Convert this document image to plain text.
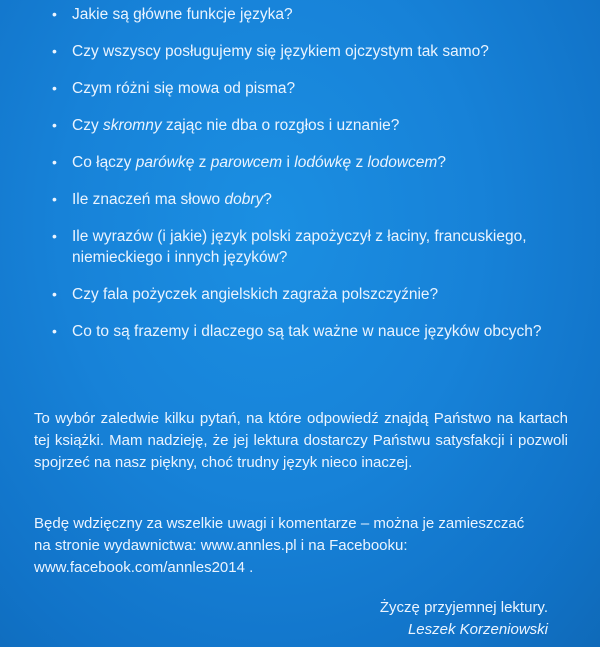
• Jakie są główne funkcje języka?
• Czy wszyscy posługujemy się językiem ojczystym tak samo?
• Czym różni się mowa od pisma?
• Czy skromny zając nie dba o rozgłos i uznanie?
• Co łączy parówkę z parowcem i lodówkę z lodowcem?
• Ile znaczeń ma słowo dobry?
• Ile wyrazów (i jakie) język polski zapożyczył z łaciny, francuskiego, niemieckiego i innych języków?
• Czy fala pożyczek angielskich zagraża polszczyźnie?
• Co to są frazemy i dlaczego są tak ważne w nauce języków obcych?

To wybór zaledwie kilku pytań, na które odpowiedź znajdą Państwo na kartach tej książki. Mam nadzieję, że jej lektura dostarczy Państwu satysfakcji i pozwoli spojrzeć na nasz piękny, choć trudny język nieco inaczej.

Będę wdzięczny za wszelkie uwagi i komentarze – można je zamieszczać
na stronie wydawnictwa: www.annles.pl i na Facebooku:
www.facebook.com/annles2014 .

Życzę przyjemnej lektury.
Leszek Korzeniowski
